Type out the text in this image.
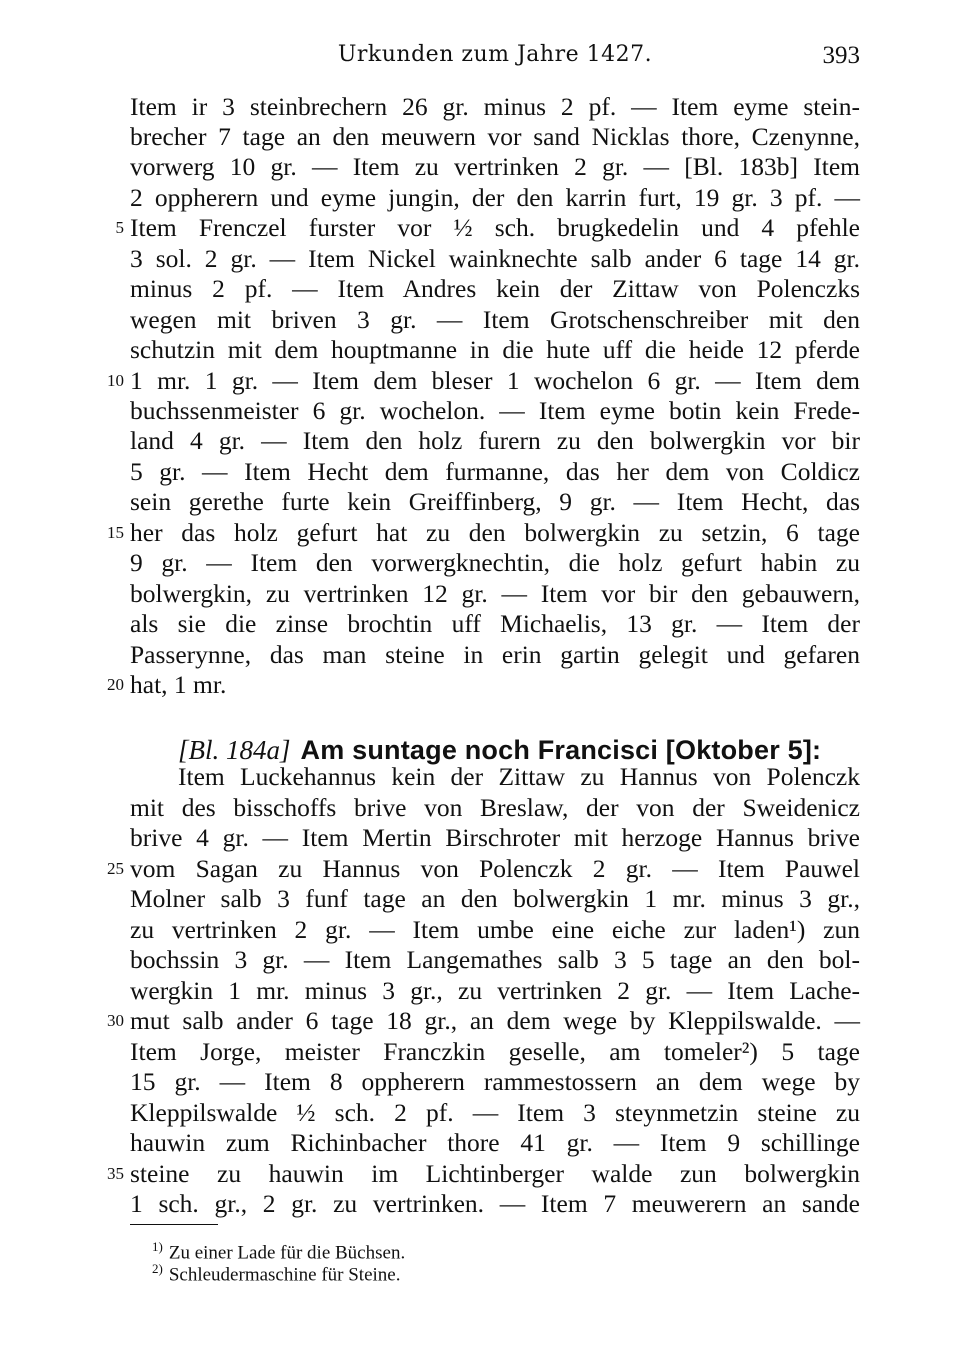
Urkunden zum Jahre 1427.	393
Item ir 3 steinbrechern 26 gr. minus 2 pf. — Item eyme stein-
brecher 7 tage an den meuwern vor sand Nicklas thore, Czenynne,
vorwerg 10 gr. — Item zu vertrinken 2 gr. — [Bl. 183b] Item
2 oppherern und eyme jungin, der den karrin furt, 19 gr. 3 pf. —
Item Frenczel furster vor ½ sch. brugkedelin und 4 pfehle
3 sol. 2 gr. — Item Nickel wainknechte salb ander 6 tage 14 gr.
minus 2 pf. — Item Andres kein der Zittaw von Polenczks
wegen mit briven 3 gr. — Item Grotschenschreiber mit den
schutzin mit dem houptmanne in die hute uff die heide 12 pferde
1 mr. 1 gr. — Item dem bleser 1 wochelon 6 gr. — Item dem
buchssenmeister 6 gr. wochelon. — Item eyme botin kein Frede-
land 4 gr. — Item den holz furern zu den bolwergkin vor bir
5 gr. — Item Hecht dem furmanne, das her dem von Coldicz
sein gerethe furte kein Greiffinberg, 9 gr. — Item Hecht, das
her das holz gefurt hat zu den bolwergkin zu setzin, 6 tage
9 gr. — Item den vorwergknechtin, die holz gefurt habin zu
bolwergkin, zu vertrinken 12 gr. — Item vor bir den gebauwern,
als sie die zinse brochtin uff Michaelis, 13 gr. — Item der
Passerynne, das man steine in erin gartin gelegit und gefaren
hat, 1 mr.
[Bl. 184a] Am suntage noch Francisci [Oktober 5]:
Item Luckehannus kein der Zittaw zu Hannus von Polenczk
mit des bisschoffs brive von Breslaw, der von der Sweidenicz
brive 4 gr. — Item Mertin Birschroter mit herzoge Hannus brive
vom Sagan zu Hannus von Polenczk 2 gr. — Item Pauwel
Molner salb 3 funf tage an den bolwergkin 1 mr. minus 3 gr.,
zu vertrinken 2 gr. — Item umbe eine eiche zur laden¹) zun
bochssin 3 gr. — Item Langemathes salb 3 5 tage an den bol-
wergkin 1 mr. minus 3 gr., zu vertrinken 2 gr. — Item Lache-
mut salb ander 6 tage 18 gr., an dem wege by Kleppilswalde. —
Item Jorge, meister Franczkin geselle, am tomeler²) 5 tage
15 gr. — Item 8 oppherern rammestossern an dem wege by
Kleppilswalde ½ sch. 2 pf. — Item 3 steynmetzin steine zu
hauwin zum Richinbacher thore 41 gr. — Item 9 schillinge
steine zu hauwin im Lichtinberger walde zun bolwergkin
1 sch. gr., 2 gr. zu vertrinken. — Item 7 meuwerern an sande
5
10
15
20
25
30
35
$^{1)}$ Zu einer Lade für die Büchsen.
$^{2)}$ Schleudermaschine für Steine.
